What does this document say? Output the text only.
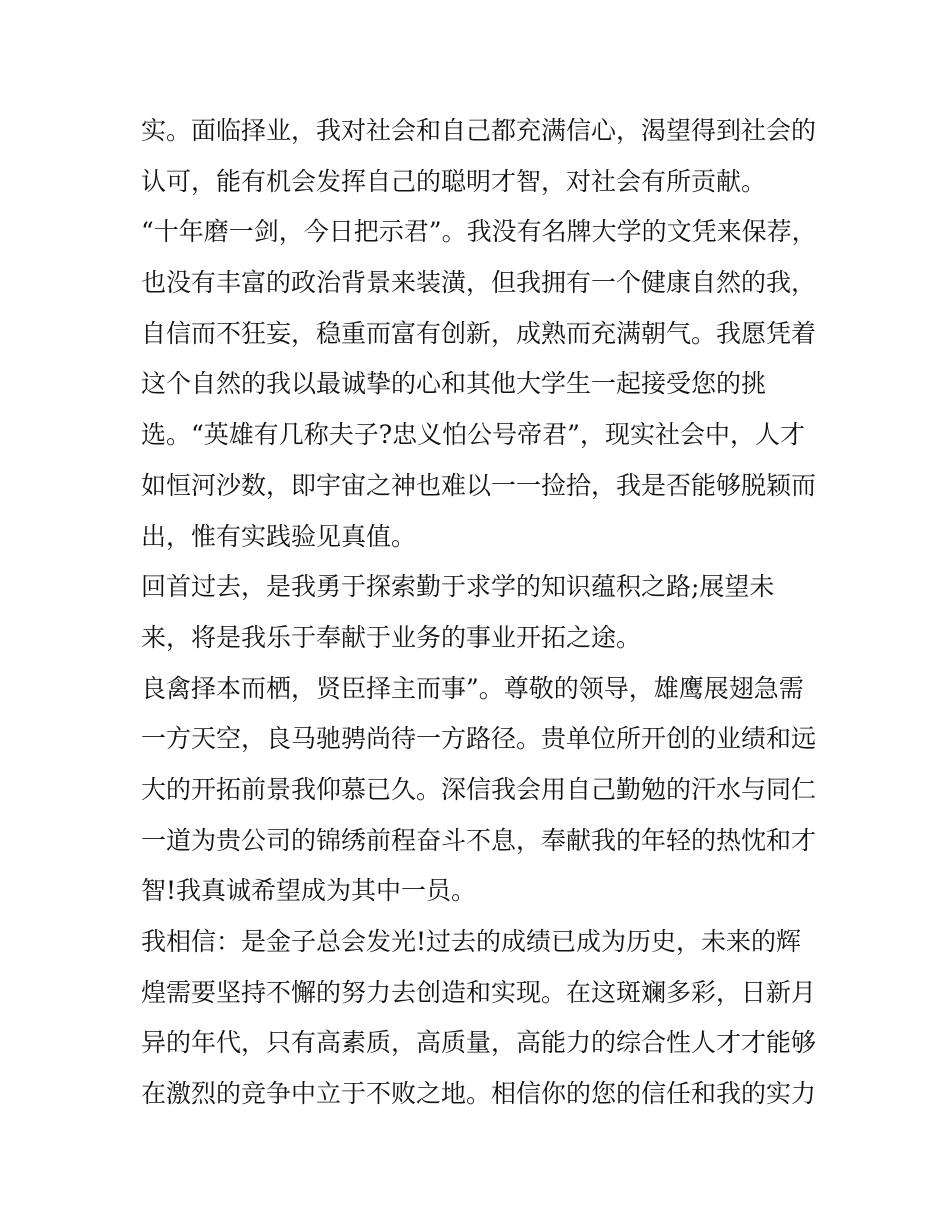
实。面临择业，我对社会和自己都充满信心，渴望得到社会的
认可，能有机会发挥自己的聪明才智，对社会有所贡献。
“十年磨一剑，今日把示君”。我没有名牌大学的文凭来保荐，
也没有丰富的政治背景来装潢，但我拥有一个健康自然的我，
自信而不狂妄，稳重而富有创新，成熟而充满朝气。我愿凭着
这个自然的我以最诚挚的心和其他大学生一起接受您的挑
选。“英雄有几称夫子?忠义怕公号帝君”，现实社会中，人才
如恒河沙数，即宇宙之神也难以一一捡拾，我是否能够脱颖而
出，惟有实践验见真值。
回首过去，是我勇于探索勤于求学的知识蕴积之路;展望未
来，将是我乐于奉献于业务的事业开拓之途。
良禽择本而栖，贤臣择主而事”。尊敬的领导，雄鹰展翅急需
一方天空，良马驰骋尚待一方路径。贵单位所开创的业绩和远
大的开拓前景我仰慕已久。深信我会用自己勤勉的汗水与同仁
一道为贵公司的锦绣前程奋斗不息，奉献我的年轻的热忱和才
智!我真诚希望成为其中一员。
我相信：是金子总会发光!过去的成绩已成为历史，未来的辉
煌需要坚持不懈的努力去创造和实现。在这斑斓多彩，日新月
异的年代，只有高素质，高质量，高能力的综合性人才才能够
在激烈的竞争中立于不败之地。相信你的您的信任和我的实力
